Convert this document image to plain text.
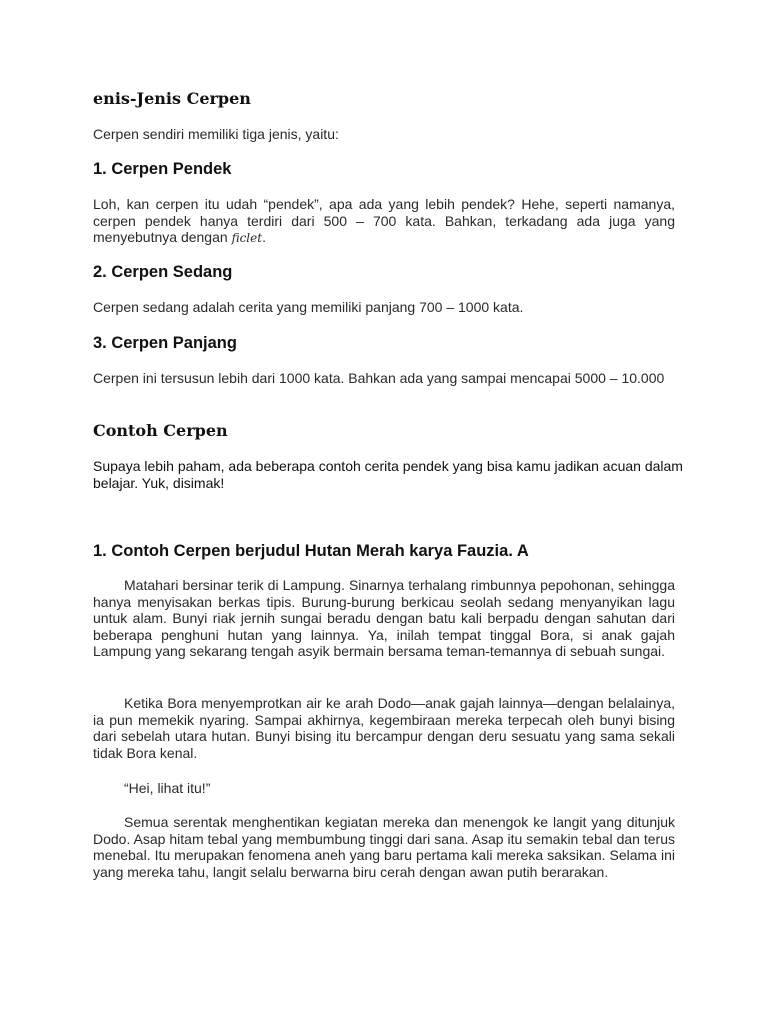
enis-Jenis Cerpen

Cerpen sendiri memiliki tiga jenis, yaitu:

1. Cerpen Pendek

Loh, kan cerpen itu udah “pendek”, apa ada yang lebih pendek? Hehe, seperti namanya, cerpen pendek hanya terdiri dari 500 – 700 kata. Bahkan, terkadang ada juga yang menyebutnya dengan ficlet.

2. Cerpen Sedang

Cerpen sedang adalah cerita yang memiliki panjang 700 – 1000 kata.

3. Cerpen Panjang

Cerpen ini tersusun lebih dari 1000 kata. Bahkan ada yang sampai mencapai 5000 – 10.000

Contoh Cerpen

Supaya lebih paham, ada beberapa contoh cerita pendek yang bisa kamu jadikan acuan dalam belajar. Yuk, disimak!

1. Contoh Cerpen berjudul Hutan Merah karya Fauzia. A

Matahari bersinar terik di Lampung. Sinarnya terhalang rimbunnya pepohonan, sehingga hanya menyisakan berkas tipis. Burung-burung berkicau seolah sedang menyanyikan lagu untuk alam. Bunyi riak jernih sungai beradu dengan batu kali berpadu dengan sahutan dari beberapa penghuni hutan yang lainnya. Ya, inilah tempat tinggal Bora, si anak gajah Lampung yang sekarang tengah asyik bermain bersama teman-temannya di sebuah sungai.

Ketika Bora menyemprotkan air ke arah Dodo—anak gajah lainnya—dengan belalainya, ia pun memekik nyaring. Sampai akhirnya, kegembiraan mereka terpecah oleh bunyi bising dari sebelah utara hutan. Bunyi bising itu bercampur dengan deru sesuatu yang sama sekali tidak Bora kenal.

“Hei, lihat itu!”

Semua serentak menghentikan kegiatan mereka dan menengok ke langit yang ditunjuk Dodo. Asap hitam tebal yang membumbung tinggi dari sana. Asap itu semakin tebal dan terus menebal. Itu merupakan fenomena aneh yang baru pertama kali mereka saksikan. Selama ini yang mereka tahu, langit selalu berwarna biru cerah dengan awan putih berarakan.
